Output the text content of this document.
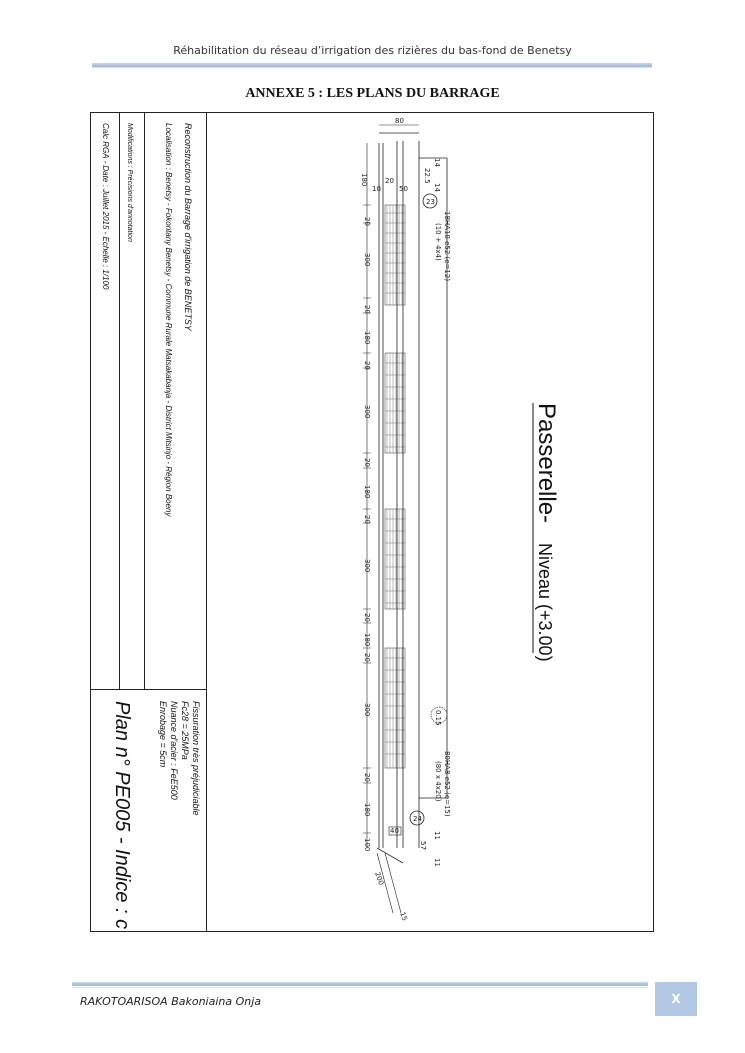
Réhabilitation du réseau d’irrigation des rizières du bas-fond de Benetsy
ANNEXE 5 : LES PLANS DU BARRAGE
Reconstruction du Barrage d'irrigation de BENETSY
Localisation : Benetsy - Fokontany Benetsy - Commune Rurale Matsakabanja - District Mitsinjo - Région Boeny
Modifications : Précisions d'annotation
Calc RGA - Date : Juillet 2015 - Echelle : 1/100
Fissuration très préjudiciable
Fc28 = 25MPa
Nuance d'acier : FeE500
Enrobage = 5cm
Plan n° PE005 - Indice : c
20
300
20
180
20
300
20
180
20
300
20
180
20
300
20
180
100
80
20
50
10
180
14
22.5
14
23
18HA10 e52 (e=12)
(10 + 4x4)
0.15
24
80HA8 e52 (e=15)
(80 x 4x20)
40	11
57
11
200
15
Passerelle
-
Niveau (+3.00)
RAKOTOARISOA Bakoniaina Onja	X
